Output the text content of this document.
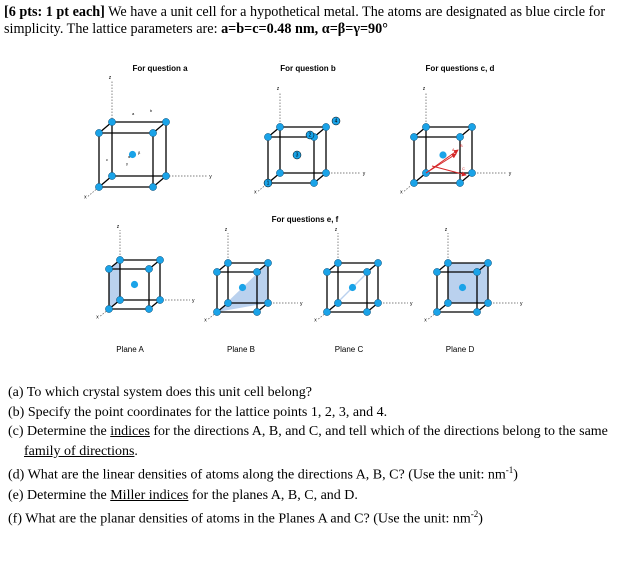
[6 pts: 1 pt each] We have a unit cell for a hypothetical metal. The atoms are designated as blue circle for simplicity. The lattice parameters are: a=b=c=0.48 nm, α=β=γ=90°
For question a	For question b	For questions c, d
For questions e, f
Plane A	Plane B	Plane C	Plane D
z
y
x
a
b
c
α
β
γ
z
y
x
1
2
3
4
z
y
x
A
B
C
z
y
x
z
y
x
z
y
x
z
y
x
(a) To which crystal system does this unit cell belong?
(b) Specify the point coordinates for the lattice points 1, 2, 3, and 4.
(c) Determine the indices for the directions A, B, and C, and tell which of the directions belong to the same family of directions.
(d) What are the linear densities of atoms along the directions A, B, C? (Use the unit: $nm^{-1}$)
(e) Determine the Miller indices for the planes A, B, C, and D.
(f) What are the planar densities of atoms in the Planes A and C? (Use the unit: $nm^{-2}$)
